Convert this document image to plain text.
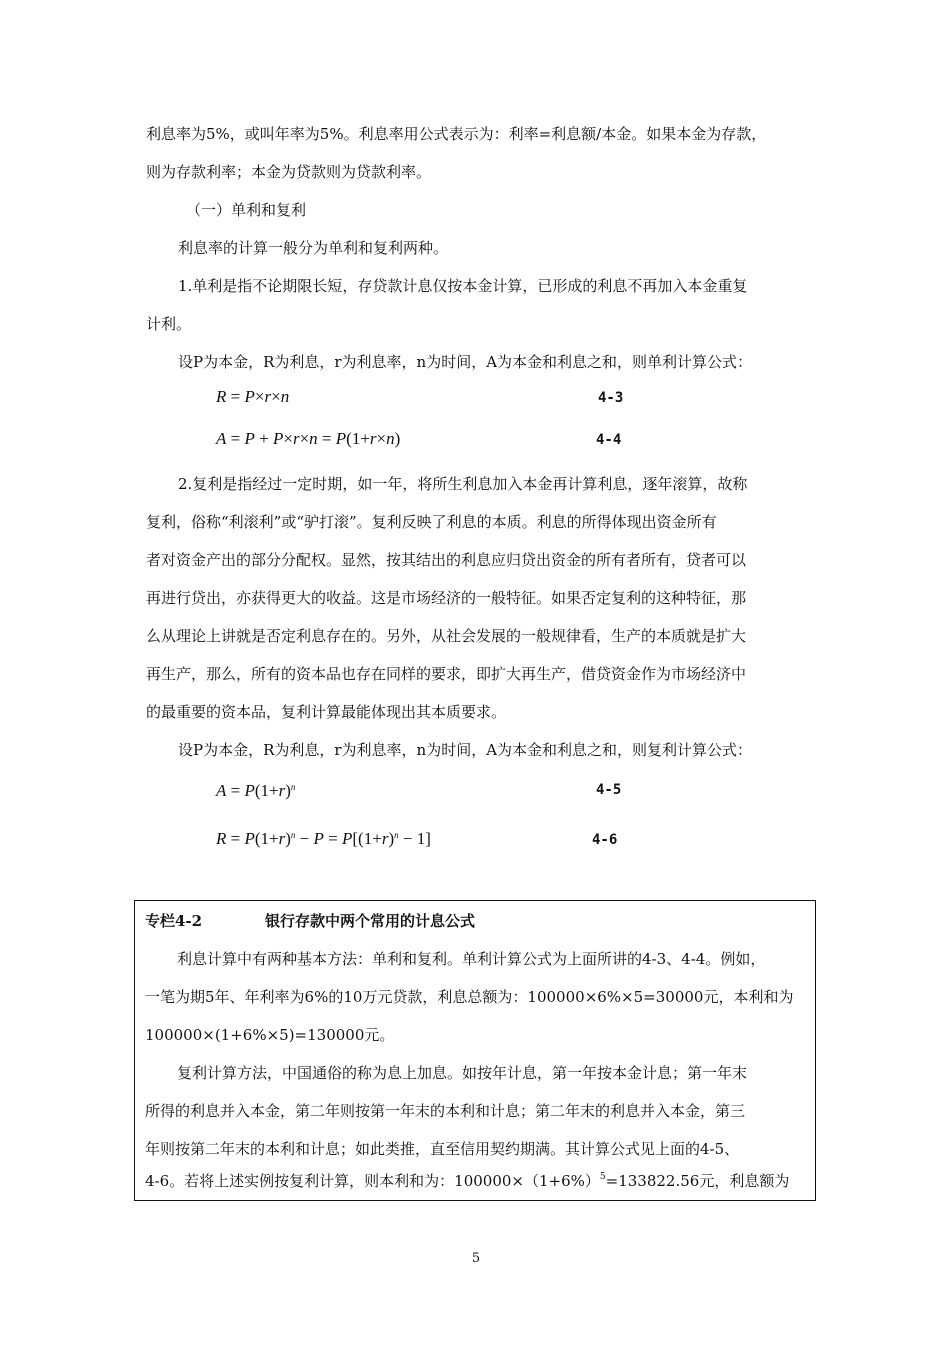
利息率为5%，或叫年率为5%。利息率用公式表示为：利率=利息额/本金。如果本金为存款，
则为存款利率；本金为贷款则为贷款利率。
（一）单利和复利
利息率的计算一般分为单利和复利两种。
1.单利是指不论期限长短，存贷款计息仅按本金计算，已形成的利息不再加入本金重复
计利。
设P为本金，R为利息，r为利息率，n为时间，A为本金和利息之和，则单利计算公式：
R = P×r×n	4-3
A = P + P×r×n = P(1+r×n)	4-4
2.复利是指经过一定时期，如一年，将所生利息加入本金再计算利息，逐年滚算，故称
复利，俗称“利滚利”或“驴打滚”。复利反映了利息的本质。利息的所得体现出资金所有
者对资金产出的部分分配权。显然，按其结出的利息应归贷出资金的所有者所有，贷者可以
再进行贷出，亦获得更大的收益。这是市场经济的一般特征。如果否定复利的这种特征，那
么从理论上讲就是否定利息存在的。另外，从社会发展的一般规律看，生产的本质就是扩大
再生产，那么，所有的资本品也存在同样的要求，即扩大再生产，借贷资金作为市场经济中
的最重要的资本品，复利计算最能体现出其本质要求。
设P为本金，R为利息，r为利息率，n为时间，A为本金和利息之和，则复利计算公式：
$A = P(1+r)^n$	4-5
$R = P(1+r)^n - P = P[(1+r)^n - 1]$	4-6
专栏4-2	银行存款中两个常用的计息公式
利息计算中有两种基本方法：单利和复利。单利计算公式为上面所讲的4-3、4-4。例如，
一笔为期5年、年利率为6%的10万元贷款，利息总额为：100000×6%×5=30000元，本利和为
100000×(1+6%×5)=130000元。
复利计算方法，中国通俗的称为息上加息。如按年计息，第一年按本金计息；第一年末
所得的利息并入本金，第二年则按第一年末的本利和计息；第二年末的利息并入本金，第三
年则按第二年末的本利和计息；如此类推，直至信用契约期满。其计算公式见上面的4-5、
4-6。若将上述实例按复利计算，则本利和为：$100000\times(1+6\%)^5=133822.56$元，利息额为
5
